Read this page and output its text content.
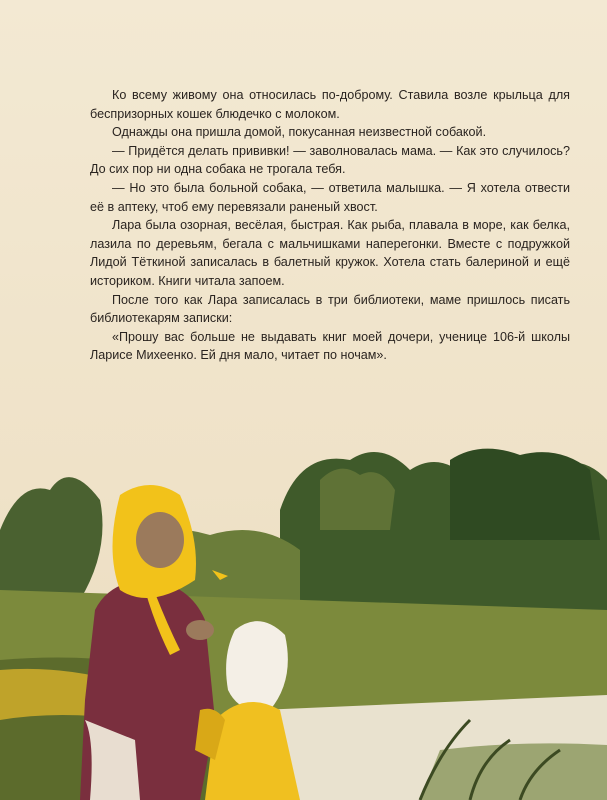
Ко всему живому она относилась по-доброму. Ставила возле крыльца для беспризорных кошек блюдечко с молоком.

Однажды она пришла домой, покусанная неизвестной собакой.

— Придётся делать прививки! — заволновалась мама. — Как это случилось? До сих пор ни одна собака не трогала тебя.

— Но это была больной собака, — ответила малышка. — Я хотела отвести её в аптеку, чтоб ему перевязали раненый хвост.

Лара была озорная, весёлая, быстрая. Как рыба, плавала в море, как белка, лазила по деревьям, бегала с мальчишками наперегонки. Вместе с подружкой Лидой Тёткиной записалась в балетный кружок. Хотела стать балериной и ещё историком. Книги читала запоем.

После того как Лара записалась в три библиотеки, маме пришлось писать библиотекарям записки:

«Прошу вас больше не выдавать книг моей дочери, ученице 106-й школы Ларисе Михеенко. Ей дня мало, читает по ночам».
